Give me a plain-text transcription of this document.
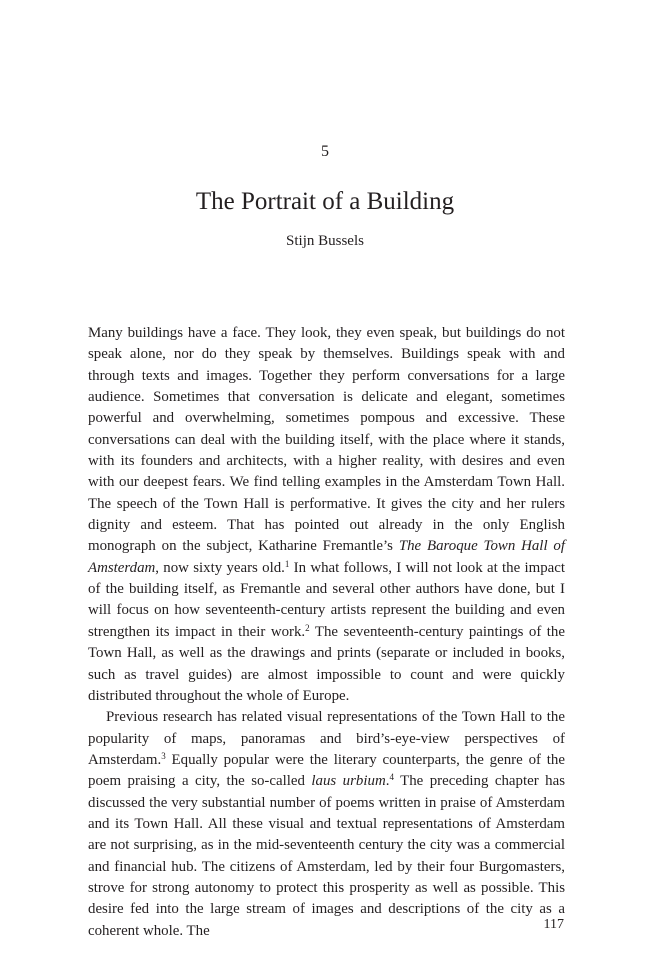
5
The Portrait of a Building
Stijn Bussels

Many buildings have a face. They look, they even speak, but buildings do not speak alone, nor do they speak by themselves. Buildings speak with and through texts and images. Together they perform conversations for a large audience. Sometimes that conversation is delicate and elegant, sometimes powerful and overwhelming, sometimes pompous and excessive. These conversations can deal with the building itself, with the place where it stands, with its founders and architects, with a higher reality, with desires and even with our deepest fears. We find telling examples in the Amsterdam Town Hall. The speech of the Town Hall is performative. It gives the city and her rulers dignity and esteem. That has pointed out already in the only English monograph on the subject, Katharine Fremantle’s The Baroque Town Hall of Amsterdam, now sixty years old.$^1$ In what follows, I will not look at the impact of the building itself, as Fremantle and several other authors have done, but I will focus on how seventeenth-century artists represent the building and even strengthen its impact in their work.$^2$ The seventeenth-century paintings of the Town Hall, as well as the drawings and prints (separate or included in books, such as travel guides) are almost impossible to count and were quickly distributed throughout the whole of Europe.

Previous research has related visual representations of the Town Hall to the popularity of maps, panoramas and bird’s-eye-view perspectives of Amsterdam.$^3$ Equally popular were the literary counterparts, the genre of the poem praising a city, the so-called laus urbium.$^4$ The preceding chapter has discussed the very substantial number of poems written in praise of Amsterdam and its Town Hall. All these visual and textual representations of Amsterdam are not surprising, as in the mid-seventeenth century the city was a commercial and financial hub. The citizens of Amsterdam, led by their four Burgomasters, strove for strong autonomy to protect this prosperity as well as possible. This desire fed into the large stream of images and descriptions of the city as a coherent whole. The	117
